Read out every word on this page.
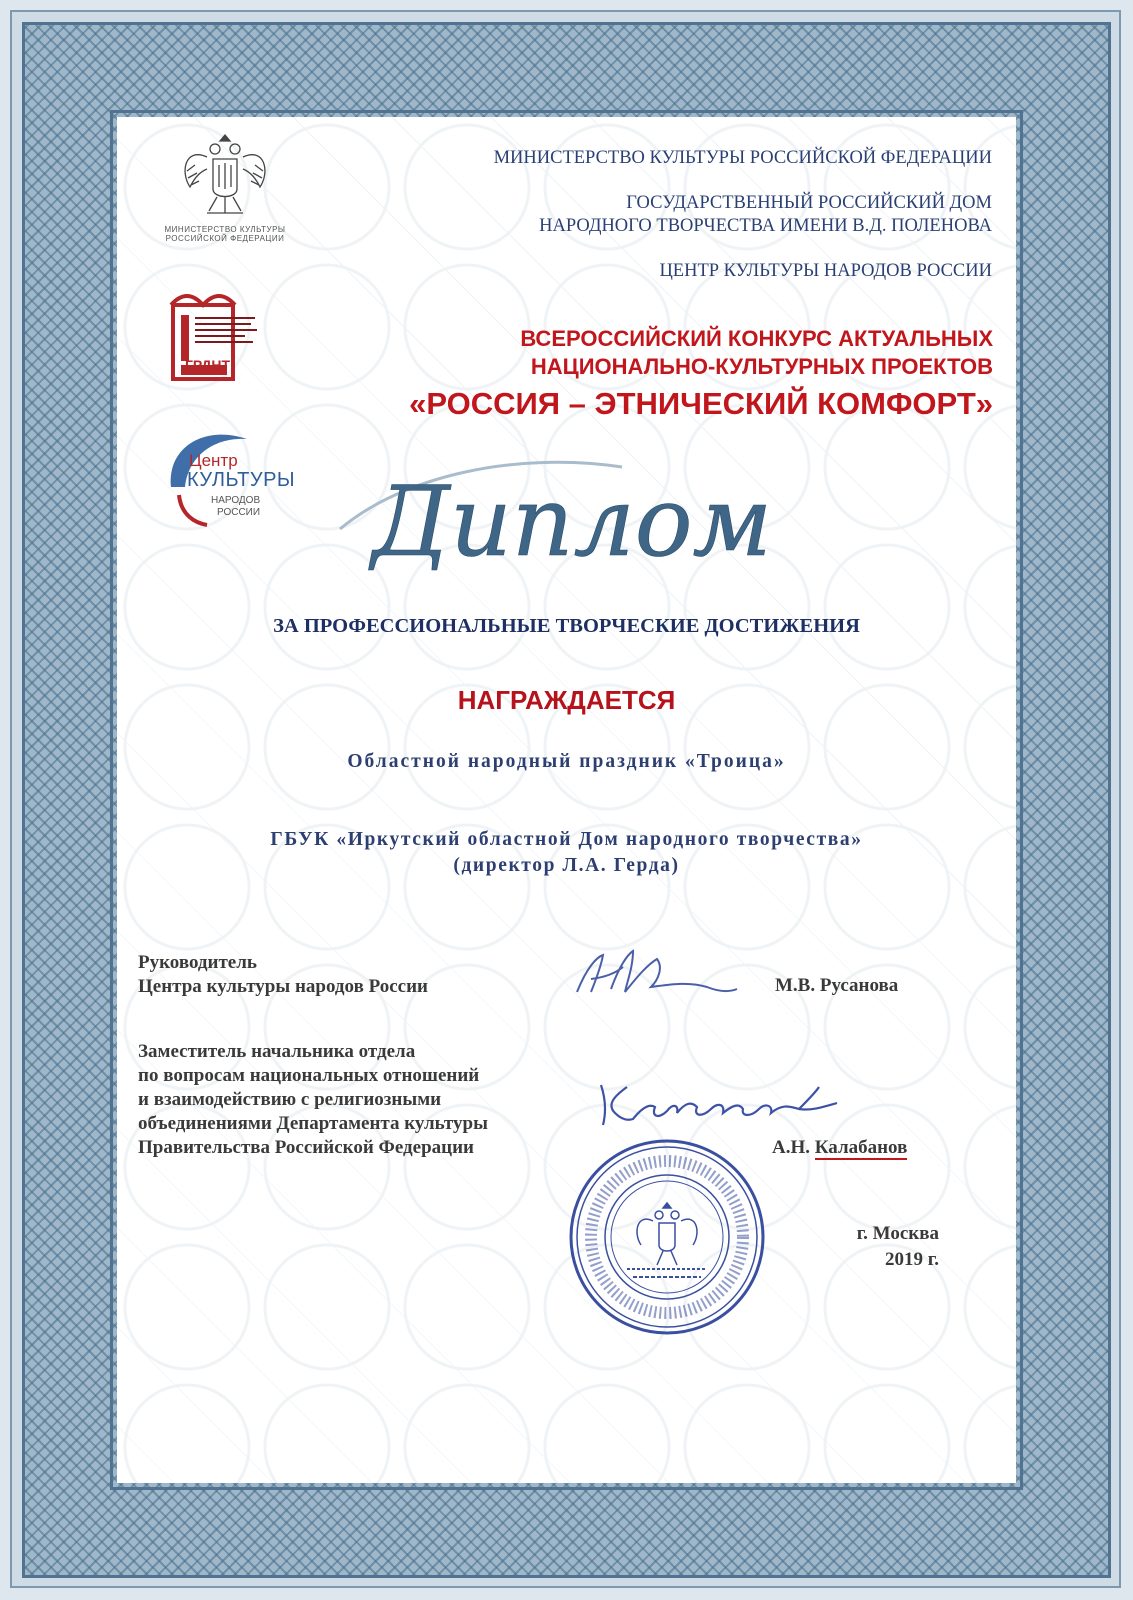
МИНИСТЕРСТВО КУЛЬТУРЫ
РОССИЙСКОЙ ФЕДЕРАЦИИ
ГРДНТ
Центр
КУЛЬТУРЫ
НАРОДОВ
РОССИИ
МИНИСТЕРСТВО КУЛЬТУРЫ РОССИЙСКОЙ ФЕДЕРАЦИИ
ГОСУДАРСТВЕННЫЙ РОССИЙСКИЙ ДОМ
НАРОДНОГО ТВОРЧЕСТВА ИМЕНИ В.Д. ПОЛЕНОВА
ЦЕНТР КУЛЬТУРЫ НАРОДОВ РОССИИ
ВСЕРОССИЙСКИЙ КОНКУРС АКТУАЛЬНЫХ
НАЦИОНАЛЬНО-КУЛЬТУРНЫХ ПРОЕКТОВ
«РОССИЯ – ЭТНИЧЕСКИЙ КОМФОРТ»
Диплом
ЗА ПРОФЕССИОНАЛЬНЫЕ ТВОРЧЕСКИЕ ДОСТИЖЕНИЯ
НАГРАЖДАЕТСЯ
Областной народный праздник «Троица»
ГБУК «Иркутский областной Дом народного творчества»
(директор Л.А. Герда)
Руководитель
Центра культуры народов России	М.В. Русанова
Заместитель начальника отдела
по вопросам национальных отношений
и взаимодействию с религиозными
объединениями Департамента культуры
Правительства Российской Федерации	А.Н. Калабанов
г. Москва
2019 г.
